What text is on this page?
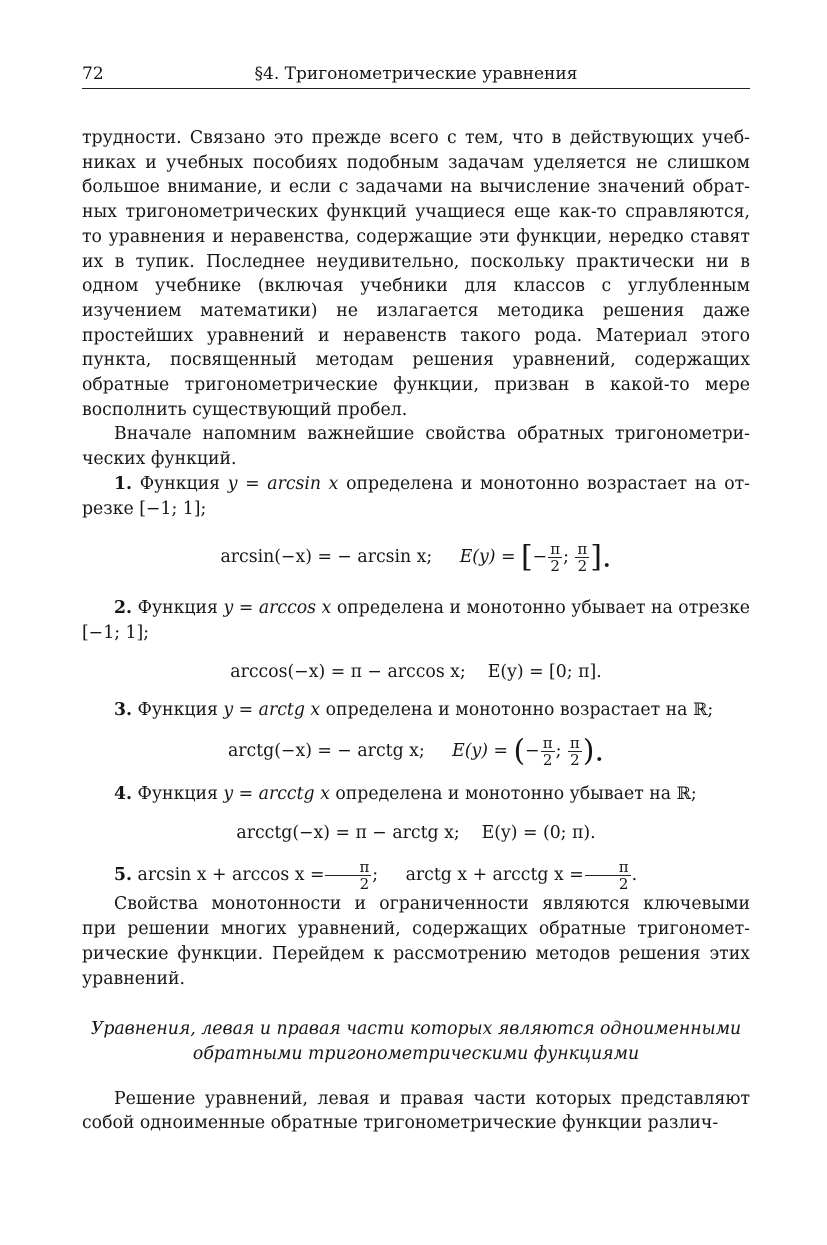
72	§4. Тригонометрические уравнения

трудности. Связано это прежде всего с тем, что в действующих учебниках и учебных пособиях подобным задачам уделяется не слишком большое внимание, и если с задачами на вычисление значений обратных тригонометрических функций учащиеся еще как-то справляются, то уравнения и неравенства, содержащие эти функции, нередко ставят их в тупик. Последнее неудивительно, поскольку практически ни в одном учебнике (включая учебники для классов с углубленным изучением математики) не излагается методика решения даже простейших уравнений и неравенств такого рода. Материал этого пункта, посвященный методам решения уравнений, содержащих обратные тригонометрические функции, призван в какой-то мере восполнить существующий пробел.

Вначале напомним важнейшие свойства обратных тригонометрических функций.

1. Функция y = arcsin x определена и монотонно возрастает на отрезке [−1; 1];

arcsin(−x) = − arcsin x; E(y) = [− $\frac{\pi}{2}$ ; $\frac{\pi}{2}$ ].

2. Функция y = arccos x определена и монотонно убывает на отрезке [−1; 1];

arccos(−x) = π − arccos x;    E(y) = [0; π].

3. Функция y = arctg x определена и монотонно возрастает на ℝ;

arctg(−x) = − arctg x; E(y) = (− $\frac{\pi}{2}$ ; $\frac{\pi}{2}$ ).

4. Функция y = arcctg x определена и монотонно убывает на ℝ;

arcctg(−x) = π − arctg x;    E(y) = (0; π).

5. $\arcsin x + \arccos x = \frac{\pi}{2}$ ; arctg x + arcctg $x = \frac{\pi}{2}$ .

Свойства монотонности и ограниченности являются ключевыми при решении многих уравнений, содержащих обратные тригонометрические функции. Перейдем к рассмотрению методов решения этих уравнений.

Уравнения, левая и правая части которых являются одноименными обратными тригонометрическими функциями

Решение уравнений, левая и правая части которых представляют собой одноименные обратные тригонометрические функции различ-
